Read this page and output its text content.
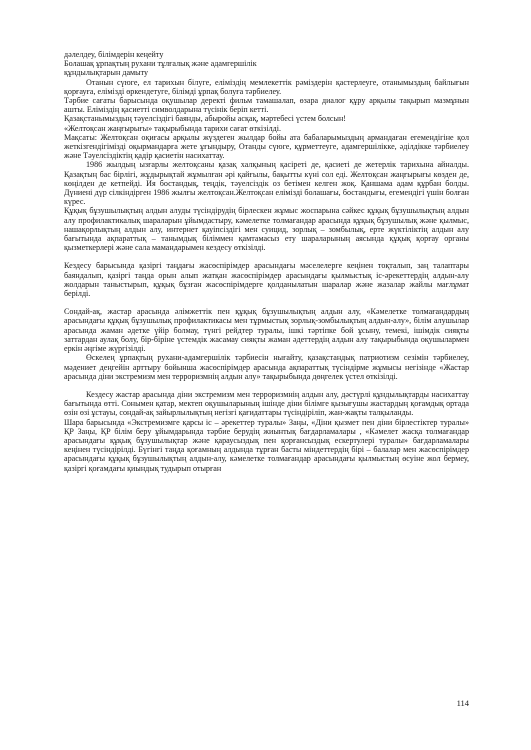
дәлелдеу, білімдерін кеңейту

Болашақ ұрпақтың рухани тұлғалық және адамгершілік

құндылықтарын дамыту

Отанын сүюге, ел тарихын білуге, еліміздің мемлекеттік рәміздерін қастерлеуге, отанымыздың байлығын қорғауға, елімізді өркендетуге, білімді ұрпақ болуға тәрбиелеу.

Тәрбие сағаты барысында оқушылар деректі фильм тамашалап, өзара диалог құру арқылы тақырып мазмұнын ашты. Еліміздің қасиетті символдарына түсінік беріп кетті.

Қазақстанымыздың тәуелсіздігі баянды, абыройы асқақ, мәртебесі үстем болсын!

«Желтоқсан жаңғырығы» тақырыбында тарихи сағат өткізілді.

Мақсаты: Желтоқсан оқиғасы арқылы жүздеген жылдар бойы ата бабаларымыздың армандаған егемендігіне қол жеткізгендігімізді оқырмандарға жете ұғындыру, Отанды сүюге, құрметтеуге, адамгершілікке, әділдікке тәрбиелеу және Тәуелсіздіктің қадір қасиетін насихаттау.

1986 жылдың ызғарлы желтоқсаны қазақ халқының қасіреті де, қасиеті де жетерлік тарихына айналды. Қазақтың бас бірлігі, жұдырықтай жұмылған әрі қайғылы, бақытты күні сол еді. Желтоқсан жаңғырығы көзден де, көңілден де кетпейді. Ия бостандық, теңдік, тәуелсіздік оз бетімен келген жоқ. Қаншама адам құрбан болды. Дүниені дүр сілкіндірген 1986 жылғы желтоқсан.Желтоқсан елімізді болашағы, бостандығы, егемендігі үшін болған күрес.

Құқық бұзушылықтың алдын алуды түсіндірудің бірлескен жұмыс жоспарына сәйкес құқық бұзушылықтың алдын алу профилактикалық шараларын ұйымдастыру, кәмелетке толмағандар арасында құқық бұзушылық және қылмыс, нашақорлықтың алдын алу, интернет қауіпсіздігі мен суицид, зорлық – зомбылық, ерте жүктіліктің алдын алу бағытында ақпараттық – танымдық біліммен қамтамасыз ету шараларының аясында құқық қорғау органы қызметкерлері және сала мамандарымен кездесу өткізілді.

Кездесу барысында қазіргі таңдағы жасөспірімдер арасындағы мәселелерге кеңінен тоқталып, заң талаптары баяндалып, қазіргі таңда орын алып жатқан жасөспірімдер арасындағы қылмыстық іс-әрекеттердің алдын-алу жолдарын таныстырып, құқық бұзған жасөспірімдерге қолданылатын шаралар және жазалар жайлы мағлұмат берілді.

Сондай-ақ, жастар арасында әлімжеттік пен құқық бұзушылықтың алдын алу, «Кәмелетке толмағандардың арасындағы құқық бұзушылық профилактикасы мен тұрмыстық зорлық-зомбылықтың алдын-алу», білім алушылар арасында жаман әдетке үйір болмау, түнгі рейдтер туралы, ішкі тәртіпке бой ұсыну, темекі, ішімдік сияқты заттардан аулақ болу, бір-біріне үстемдік жасамау сияқты жаман әдеттердің алдын алу тақырыбында оқушылармен еркін әңгіме жүргізілді.

Өскелең ұрпақтың рухани-адамгершілік тәрбиесін нығайту, қазақстандық патриотизм сезімін тәрбиелеу, мәдениет деңгейін арттыру бойынша жасөспірімдер арасында ақпараттық түсіндірме жұмысы негізінде «Жастар арасында діни экстремизм мен терроризмнің алдын алу» тақырыбында дөңгелек үстел өткізілді.

Кездесу жастар арасында діни экстремизм мен терроризмнің алдын алу, дәстүрлі құндылықтарды насихаттау бағытында өтті. Сонымен қатар, мектеп оқушыларының ішінде діни білімге қызығушы жастардың қоғамдық ортада өзін өзі ұстауы, сондай-ақ зайырлылықтың негізгі қағидаттары түсіндіріліп, жан-жақты талқыланды.

Шара барысында «Экстремизмге қарсы іс – әрекеттер туралы» Заңы, «Діни қызмет пен діни бірлестіктер туралы» ҚР Заңы, ҚР білім беру ұйымдарында тәрбие берудің жиынтық бағдарламалары , «Кәмелет жасқа толмағандар арасындағы құқық бұзушылықтар және қараусыздық пен қорғансыздық ескертулері туралы» бағдарламалары кеңінен түсіндірілді. Бүгінгі таңда қоғамның алдында тұрған басты міндеттердің бірі – балалар мен жасөспірімдер арасындағы құқық бұзушылықтың алдын-алу, кәмелетке толмағандар арасындағы қылмыстың өсуіне жол бермеу, қазіргі қоғамдағы қиындық тудырып отырған

114
